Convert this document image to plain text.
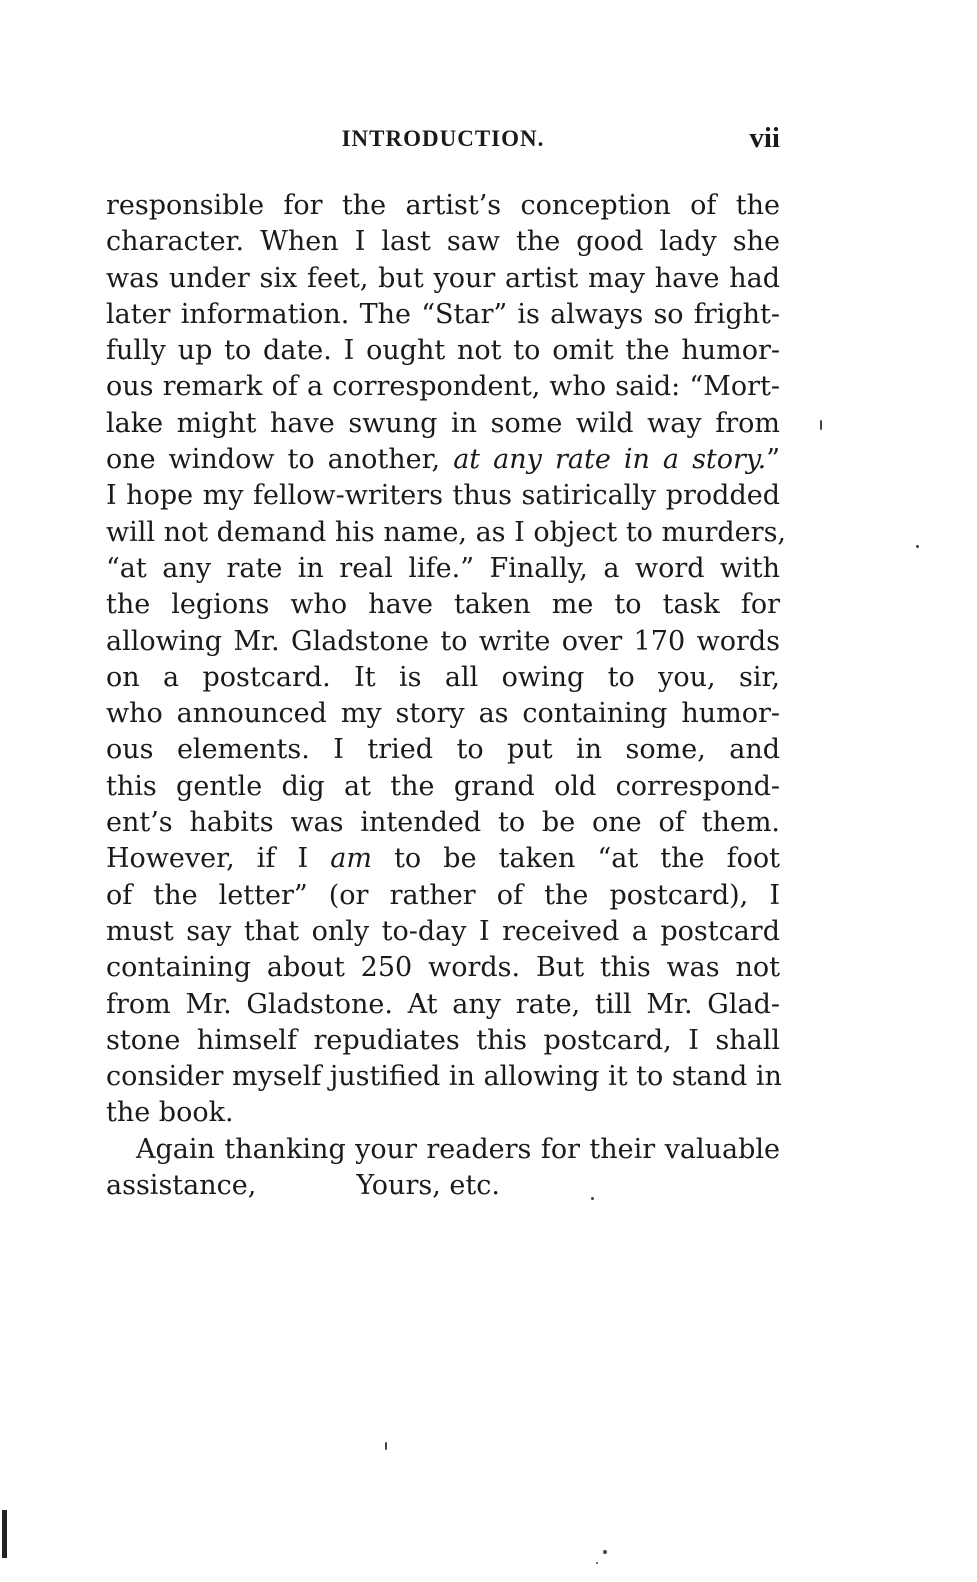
INTRODUCTION.	vii
responsible for the artist’s conception of the
character. When I last saw the good lady she
was under six feet, but your artist may have had
later information. The “Star” is always so fright-
fully up to date. I ought not to omit the humor-
ous remark of a correspondent, who said: “Mort-
lake might have swung in some wild way from
one window to another, at any rate in a story.”
I hope my fellow-writers thus satirically prodded
will not demand his name, as I object to murders,
“at any rate in real life.” Finally, a word with
the legions who have taken me to task for
allowing Mr. Gladstone to write over 170 words
on a postcard. It is all owing to you, sir,
who announced my story as containing humor-
ous elements. I tried to put in some, and
this gentle dig at the grand old correspond-
ent’s habits was intended to be one of them.
However, if I am to be taken “at the foot
of the letter” (or rather of the postcard), I
must say that only to-day I received a postcard
containing about 250 words. But this was not
from Mr. Gladstone. At any rate, till Mr. Glad-
stone himself repudiates this postcard, I shall
consider myself justified in allowing it to stand in
the book.
Again thanking your readers for their valuable
assistance,	Yours, etc.
